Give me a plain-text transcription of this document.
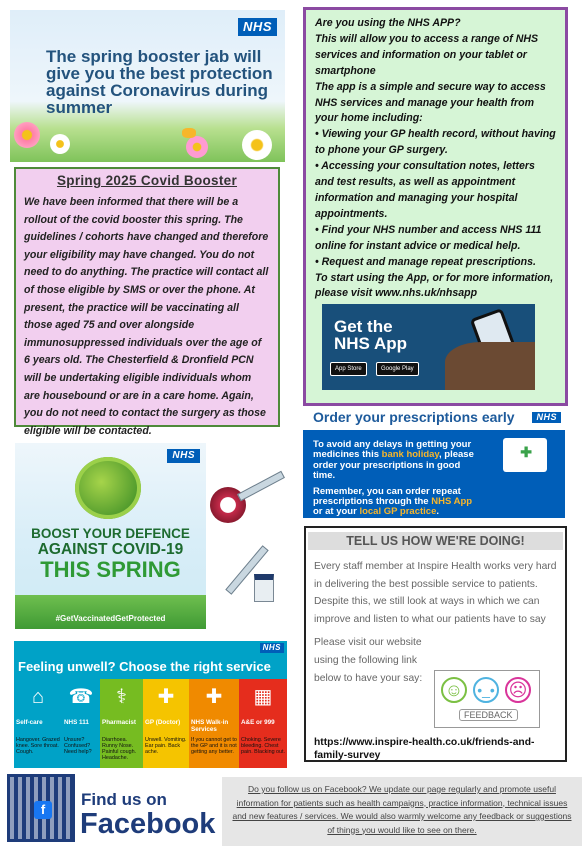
NHS
The spring booster jab will give you the best protection against Coronavirus during summer
Spring 2025 Covid Booster

We have been informed that there will be a rollout of the covid booster this spring. The guidelines / cohorts have changed and therefore your eligibility may have changed. You do not need to do anything. The practice will contact all of those eligible by SMS or over the phone. At present, the practice will be vaccinating all those aged 75 and over alongside immunosuppressed individuals over the age of 6 years old. The Chesterfield & Dronfield PCN will be undertaking eligible individuals whom are housebound or are in a care home. Again, you do not need to contact the surgery as those eligible will be contacted.

Are you using the NHS APP?

This will allow you to access a range of NHS services and information on your tablet or smartphone

The app is a simple and secure way to access NHS services and manage your health from your home including:

• Viewing your GP health record, without having to phone your GP surgery.

• Accessing your consultation notes, letters and test results, as well as appointment information and managing your hospital appointments.

• Find your NHS number and access NHS 111 online for instant advice or medical help.

• Request and manage repeat prescriptions.

To start using the App, or for more information, please visit www.nhs.uk/nhsapp

Get the NHS App
App Store	Google Play
Order your prescriptions early	NHS

To avoid any delays in getting your medicines this bank holiday, please order your prescriptions in good time.

Remember, you can order repeat prescriptions through the NHS App or at your local GP practice.

✚
TELL US HOW WE'RE DOING!

Every staff member at Inspire Health works very hard in delivering the best possible service to patients. Despite this, we still look at ways in which we can improve and listen to what our patients have to say

Please visit our website using the following link below to have your say:

☺	•_• ☹
FEEDBACK

https://www.inspire-health.co.uk/friends-and-family-survey

NHS
BOOST YOUR DEFENCE
AGAINST COVID-19
THIS SPRING
#GetVaccinatedGetProtected
NHS
Feeling unwell? Choose the right service
⌂
Self-care
Hangover. Grazed knee. Sore throat. Cough.
☎
NHS 111
Unsure? Confused? Need help?
⚕
Pharmacist
Diarrhoea. Runny Nose. Painful cough. Headache.
✚
GP (Doctor)
Unwell. Vomiting. Ear pain. Back ache.
✚
NHS Walk-in Services
If you cannot get to the GP and it is not getting any better.
▦
A&E or 999
Choking. Severe bleeding. Chest pain. Blacking out.
f
Find us on
Facebook

Do you follow us on Facebook? We update our page regularly and promote useful information for patients such as health campaigns, practice information, technical issues and new features / services. We would also warmly welcome any feedback or suggestions of things you would like to see on there.
